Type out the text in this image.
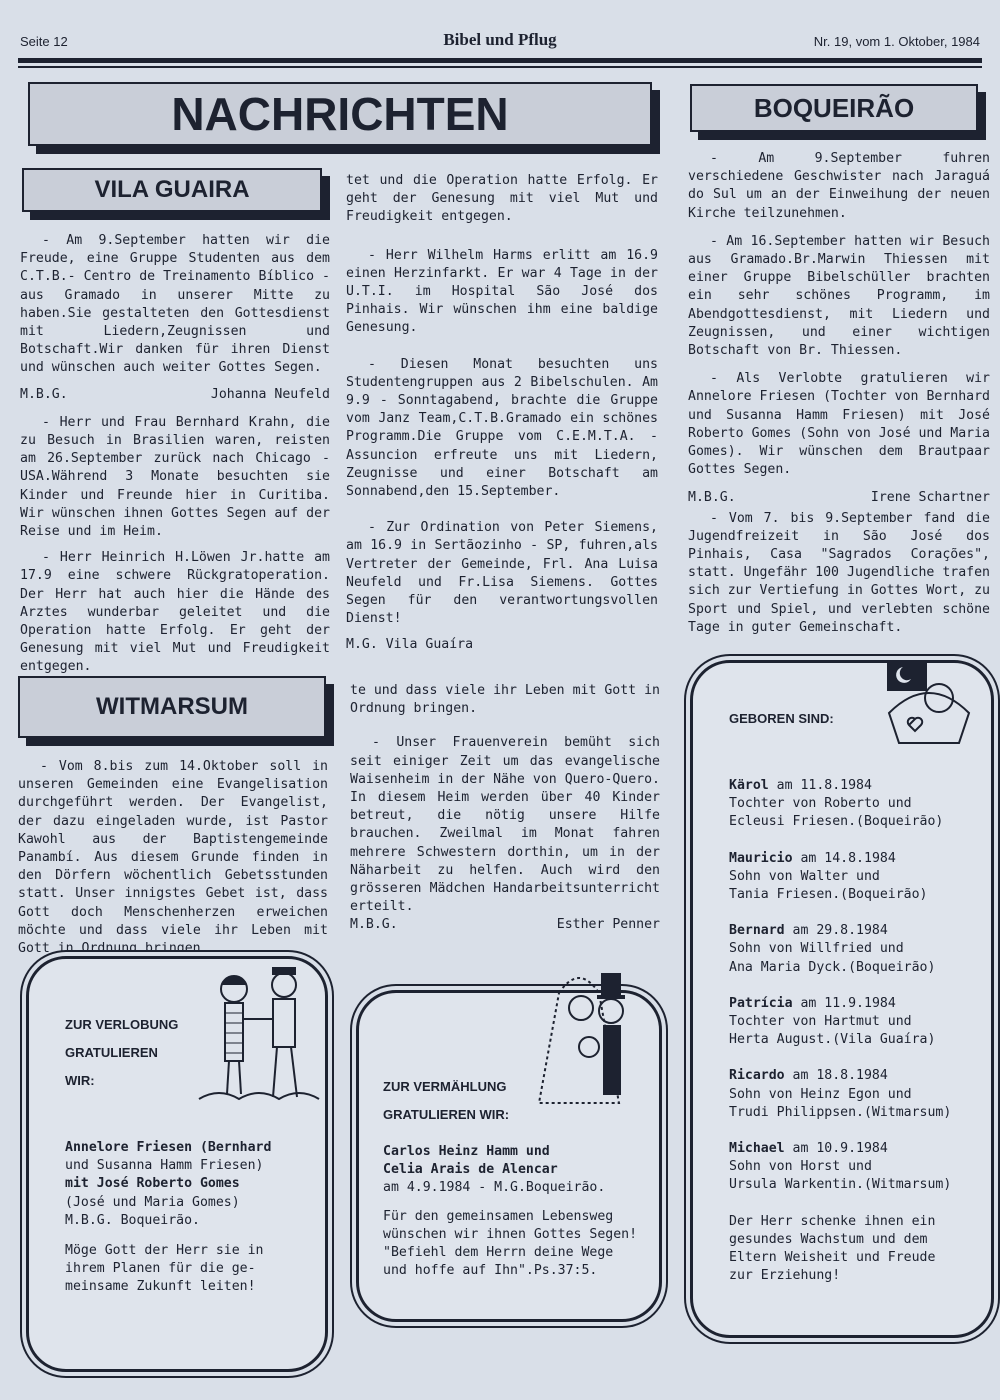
Seite 12	Bibel und Pflug	Nr. 19, vom 1. Oktober, 1984
NACHRICHTEN	BOQUEIRÃO
VILA GUAIRA
WITMARSUM

- Am 9.September hatten wir die Freude, eine Gruppe Studenten aus dem C.T.B.- Centro de Treinamento Bíblico - aus Gramado in unserer Mitte zu haben.Sie gestalteten den Gottesdienst mit Liedern,Zeugnissen und Botschaft.Wir danken für ihren Dienst und wünschen auch weiter Gottes Segen.

M.B.G.	Johanna Neufeld

- Herr und Frau Bernhard Krahn, die zu Besuch in Brasilien waren, reisten am 26.September zurück nach Chicago - USA.Während 3 Monate besuchten sie Kinder und Freunde hier in Curitiba. Wir wünschen ihnen Gottes Segen auf der Reise und im Heim.

- Herr Heinrich H.Löwen Jr.hatte am 17.9 eine schwere Rückgratoperation. Der Herr hat auch hier die Hände des Arztes wunderbar geleitet und die Operation hatte Erfolg. Er geht der Genesung mit viel Mut und Freudigkeit entgegen.

tet und die Operation hatte Erfolg. Er geht der Genesung mit viel Mut und Freudigkeit entgegen.

- Herr Wilhelm Harms erlitt am 16.9 einen Herzinfarkt. Er war 4 Tage in der U.T.I. im Hospital São José dos Pinhais. Wir wünschen ihm eine baldige Genesung.

- Diesen Monat besuchten uns Studentengruppen aus 2 Bibelschulen. Am 9.9 - Sonntagabend, brachte die Gruppe vom Janz Team,C.T.B.Gramado ein schönes Programm.Die Gruppe vom C.E.M.T.A. - Assuncion erfreute uns mit Liedern, Zeugnisse und einer Botschaft am Sonnabend,den 15.September.

- Zur Ordination von Peter Siemens, am 16.9 in Sertãozinho - SP, fuhren,als Vertreter der Gemeinde, Frl. Ana Luisa Neufeld und Fr.Lisa Siemens. Gottes Segen für den verantwortungsvollen Dienst!

M.G. Vila Guaíra

- Vom 8.bis zum 14.Oktober soll in unseren Gemeinden eine Evangelisation durchgeführt werden. Der Evangelist, der dazu eingeladen wurde, ist Pastor Kawohl aus der Baptistengemeinde Panambí. Aus diesem Grunde finden in den Dörfern wöchentlich Gebetsstunden statt. Unser innigstes Gebet ist, dass Gott doch Menschenherzen erweichen möchte und dass viele ihr Leben mit Gott in Ordnung bringen.

te und dass viele ihr Leben mit Gott in Ordnung bringen.

- Unser Frauenverein bemüht sich seit einiger Zeit um das evangelische Waisenheim in der Nähe von Quero-Quero. In diesem Heim werden über 40 Kinder betreut, die nötig unsere Hilfe brauchen. Zweilmal im Monat fahren mehrere Schwestern dorthin, um in der Näharbeit zu helfen. Auch wird den grösseren Mädchen Handarbeitsunterricht erteilt.

M.B.G.	Esther Penner

- Am 9.September fuhren verschiedene Geschwister nach Jaraguá do Sul um an der Einweihung der neuen Kirche teilzunehmen.

- Am 16.September hatten wir Besuch aus Gramado.Br.Marwin Thiessen mit einer Gruppe Bibelschüller brachten ein sehr schönes Programm, im Abendgottesdienst, mit Liedern und Zeugnissen, und einer wichtigen Botschaft von Br. Thiessen.

- Als Verlobte gratulieren wir Annelore Friesen (Tochter von Bernhard und Susanna Hamm Friesen) mit José Roberto Gomes (Sohn von José und Maria Gomes). Wir wünschen dem Brautpaar Gottes Segen.

M.B.G.	Irene Schartner

- Vom 7. bis 9.September fand die Jugendfreizeit in São José dos Pinhais, Casa "Sagrados Corações", statt. Ungefähr 100 Jugendliche trafen sich zur Vertiefung in Gottes Wort, zu Sport und Spiel, und verlebten schöne Tage in guter Gemeinschaft.

ZUR VERLOBUNG
GRATULIEREN
WIR:
Annelore Friesen (Bernhard
und Susanna Hamm Friesen)
mit José Roberto Gomes
(José und Maria Gomes)
M.B.G. Boqueirão.
Möge Gott der Herr sie in
ihrem Planen für die ge-
meinsame Zukunft leiten!
ZUR VERMÄHLUNG
GRATULIEREN WIR:
Carlos Heinz Hamm und
Celia Arais de Alencar
am 4.9.1984 - M.G.Boqueirão.
Für den gemeinsamen Lebensweg
wünschen wir ihnen Gottes Segen!
"Befiehl dem Herrn deine Wege
und hoffe auf Ihn".Ps.37:5.
GEBOREN SIND:
Kärol am 11.8.1984
Tochter von Roberto und
Ecleusi Friesen.(Boqueirão)
Mauricio am 14.8.1984
Sohn von Walter und
Tania Friesen.(Boqueirão)
Bernard am 29.8.1984
Sohn von Willfried und
Ana Maria Dyck.(Boqueirão)
Patrícia am 11.9.1984
Tochter von Hartmut und
Herta August.(Vila Guaíra)
Ricardo am 18.8.1984
Sohn von Heinz Egon und
Trudi Philippsen.(Witmarsum)
Michael am 10.9.1984
Sohn von Horst und
Ursula Warkentin.(Witmarsum)
Der Herr schenke ihnen ein
gesundes Wachstum und dem
Eltern Weisheit und Freude
zur Erziehung!
